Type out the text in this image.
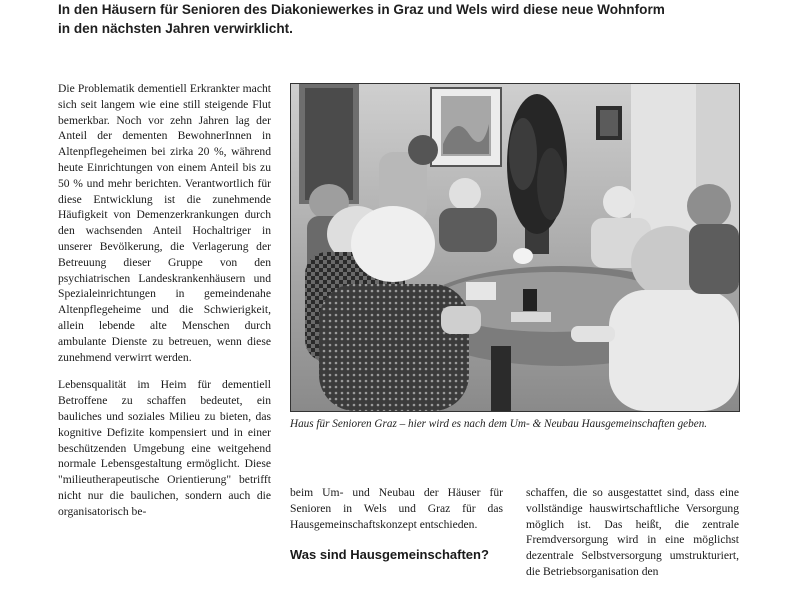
In den Häusern für Senioren des Diakoniewerkes in Graz und Wels wird diese neue Wohnform
in den nächsten Jahren verwirklicht.

Die Problematik dementiell Erkrankter macht sich seit langem wie eine still steigende Flut bemerkbar. Noch vor zehn Jahren lag der Anteil der dementen BewohnerInnen in Altenpflegeheimen bei zirka 20 %, während heute Einrichtungen von einem Anteil bis zu 50 % und mehr berichten. Verantwortlich für diese Entwicklung ist die zunehmende Häufigkeit von Demenzerkrankungen durch den wachsenden Anteil Hochaltriger in unserer Bevölkerung, die Verlagerung der Betreuung dieser Gruppe von den psychiatrischen Landeskrankenhäusern und Spezialeinrichtungen in gemeindenahe Altenpflegeheime und die Schwierigkeit, allein lebende alte Menschen durch ambulante Dienste zu betreuen, wenn diese zunehmend verwirrt werden.

Lebensqualität im Heim für dementiell Betroffene zu schaffen bedeutet, ein bauliches und soziales Milieu zu bieten, das kognitive Defizite kompensiert und in einer beschützenden Umgebung eine weitgehend normale Lebensgestaltung ermöglicht. Diese "milieutherapeutische Orientierung" betrifft nicht nur die baulichen, sondern auch die organisatorisch be-

Haus für Senioren Graz – hier wird es nach dem Um- & Neubau Hausgemeinschaften geben.

beim Um- und Neubau der Häuser für Senioren in Wels und Graz für das Hausgemeinschaftskonzept entschieden.

Was sind Hausgemeinschaften?

schaffen, die so ausgestattet sind, dass eine vollständige hauswirtschaftliche Versorgung möglich ist. Das heißt, die zentrale Fremdversorgung wird in eine möglichst dezentrale Selbstversorgung umstrukturiert, die Betriebsorganisation den
